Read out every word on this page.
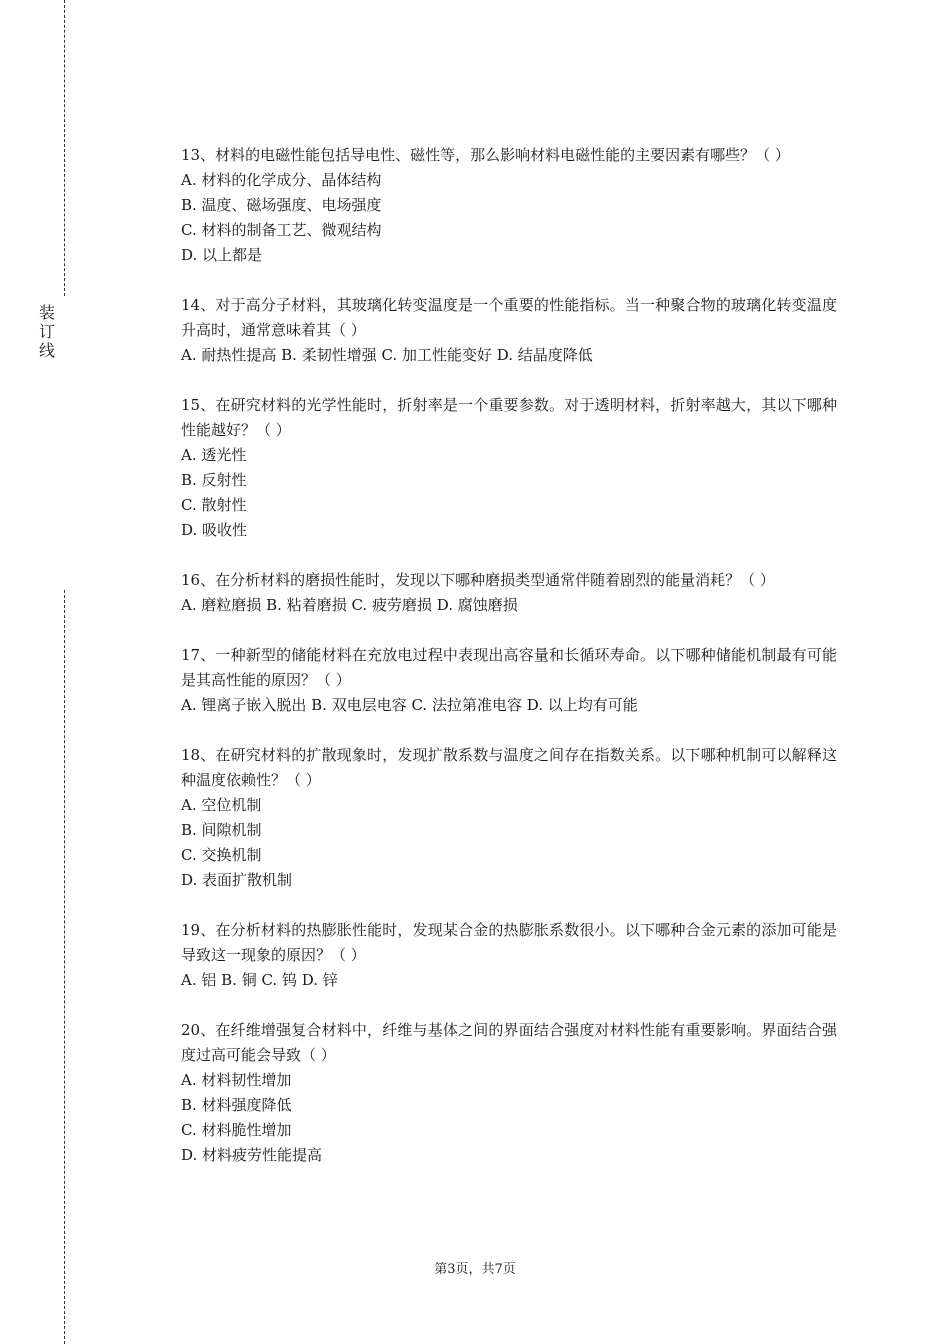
装
订
线
13、材料的电磁性能包括导电性、磁性等，那么影响材料电磁性能的主要因素有哪些？（ ）
A. 材料的化学成分、晶体结构
B. 温度、磁场强度、电场强度
C. 材料的制备工艺、微观结构
D. 以上都是
14、对于高分子材料，其玻璃化转变温度是一个重要的性能指标。当一种聚合物的玻璃化转变温度升高时，通常意味着其（ ）
A. 耐热性提高 B. 柔韧性增强 C. 加工性能变好 D. 结晶度降低
15、在研究材料的光学性能时，折射率是一个重要参数。对于透明材料，折射率越大，其以下哪种性能越好？（ ）
A. 透光性
B. 反射性
C. 散射性
D. 吸收性
16、在分析材料的磨损性能时，发现以下哪种磨损类型通常伴随着剧烈的能量消耗？（ ）
A. 磨粒磨损 B. 粘着磨损 C. 疲劳磨损 D. 腐蚀磨损
17、一种新型的储能材料在充放电过程中表现出高容量和长循环寿命。以下哪种储能机制最有可能是其高性能的原因？（ ）
A. 锂离子嵌入脱出 B. 双电层电容 C. 法拉第准电容 D. 以上均有可能
18、在研究材料的扩散现象时，发现扩散系数与温度之间存在指数关系。以下哪种机制可以解释这种温度依赖性？（ ）
A. 空位机制
B. 间隙机制
C. 交换机制
D. 表面扩散机制
19、在分析材料的热膨胀性能时，发现某合金的热膨胀系数很小。以下哪种合金元素的添加可能是导致这一现象的原因？（ ）
A. 铝 B. 铜 C. 钨 D. 锌
20、在纤维增强复合材料中，纤维与基体之间的界面结合强度对材料性能有重要影响。界面结合强度过高可能会导致（ ）
A. 材料韧性增加
B. 材料强度降低
C. 材料脆性增加
D. 材料疲劳性能提高
第3页，共7页
